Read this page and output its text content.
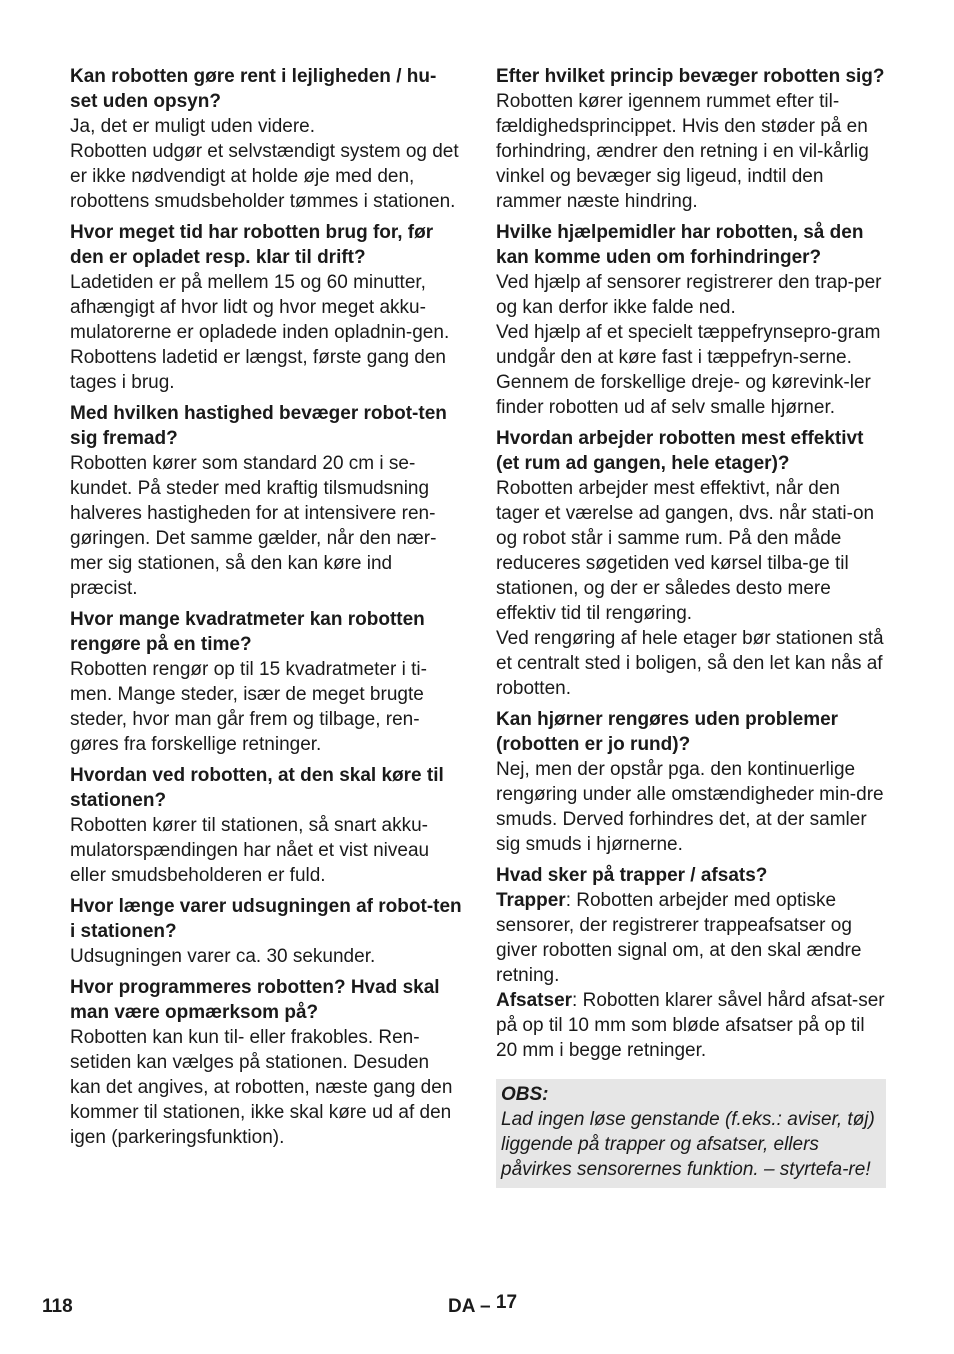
Kan robotten gøre rent i lejligheden / hu-
set uden opsyn?

Ja, det er muligt uden videre.

Robotten udgør et selvstændigt system og det er ikke nødvendigt at holde øje med den, robottens smudsbeholder tømmes i stationen.

Hvor meget tid har robotten brug for, før den er opladet resp. klar til drift?

Ladetiden er på mellem 15 og 60 minutter, afhængigt af hvor lidt og hvor meget akku-mulatorerne er opladede inden opladnin-gen. Robottens ladetid er længst, første gang den tages i brug.

Med hvilken hastighed bevæger robot-ten sig fremad?

Robotten kører som standard 20 cm i se-kundet. På steder med kraftig tilsmudsning halveres hastigheden for at intensivere ren-gøringen. Det samme gælder, når den nær-mer sig stationen, så den kan køre ind præcist.

Hvor mange kvadratmeter kan robotten rengøre på en time?

Robotten rengør op til 15 kvadratmeter i ti-men. Mange steder, især de meget brugte steder, hvor man går frem og tilbage, ren-gøres fra forskellige retninger.

Hvordan ved robotten, at den skal køre til stationen?

Robotten kører til stationen, så snart akku-mulatorspændingen har nået et vist niveau eller smudsbeholderen er fuld.

Hvor længe varer udsugningen af robot-ten i stationen?

Udsugningen varer ca. 30 sekunder.

Hvor programmeres robotten? Hvad skal man være opmærksom på?

Robotten kan kun til- eller frakobles. Ren-setiden kan vælges på stationen. Desuden kan det angives, at robotten, næste gang den kommer til stationen, ikke skal køre ud af den igen (parkeringsfunktion).

Efter hvilket princip bevæger robotten sig?

Robotten kører igennem rummet efter til-fældighedsprincippet. Hvis den støder på en forhindring, ændrer den retning i en vil-kårlig vinkel og bevæger sig ligeud, indtil den rammer næste hindring.

Hvilke hjælpemidler har robotten, så den kan komme uden om forhindringer?

Ved hjælp af sensorer registrerer den trap-per og kan derfor ikke falde ned.

Ved hjælp af et specielt tæppefrynsepro-gram undgår den at køre fast i tæppefryn-serne.

Gennem de forskellige dreje- og kørevink-ler finder robotten ud af selv smalle hjørner.

Hvordan arbejder robotten mest effektivt (et rum ad gangen, hele etager)?

Robotten arbejder mest effektivt, når den tager et værelse ad gangen, dvs. når stati-on og robot står i samme rum. På den måde reduceres søgetiden ved kørsel tilba-ge til stationen, og der er således desto mere effektiv tid til rengøring.

Ved rengøring af hele etager bør stationen stå et centralt sted i boligen, så den let kan nås af robotten.

Kan hjørner rengøres uden problemer (robotten er jo rund)?

Nej, men der opstår pga. den kontinuerlige rengøring under alle omstændigheder min-dre smuds. Derved forhindres det, at der samler sig smuds i hjørnerne.

Hvad sker på trapper / afsats?

Trapper: Robotten arbejder med optiske sensorer, der registrerer trappeafsatser og giver robotten signal om, at den skal ændre retning.

Afsatser: Robotten klarer såvel hård afsat-ser på op til 10 mm som bløde afsatser på op til 20 mm i begge retninger.

OBS:
Lad ingen løse genstande (f.eks.: aviser, tøj) liggende på trapper og afsatser, ellers påvirkes sensorernes funktion. – styrtefa-re!
118	DA – 17
